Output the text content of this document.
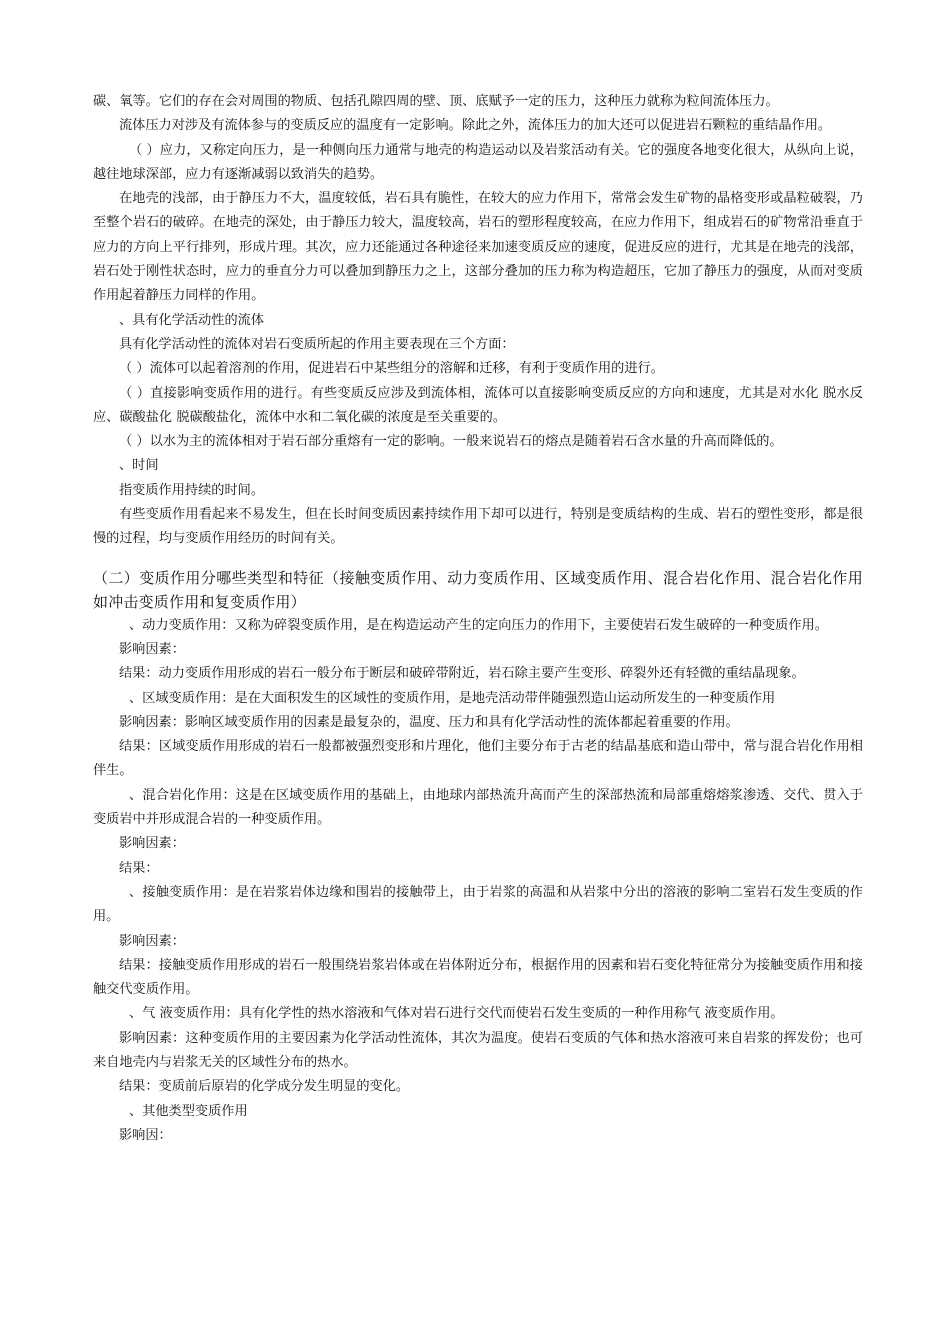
碳、氧等。它们的存在会对周围的物质、包括孔隙四周的壁、顶、底赋予一定的压力，这种压力就称为粒间流体压力。

流体压力对涉及有流体参与的变质反应的温度有一定影响。除此之外，流体压力的加大还可以促进岩石颗粒的重结晶作用。

（ ）应力，又称定向压力，是一种侧向压力通常与地壳的构造运动以及岩浆活动有关。它的强度各地变化很大，从纵向上说，越往地球深部，应力有逐渐减弱以致消失的趋势。

在地壳的浅部，由于静压力不大，温度较低，岩石具有脆性，在较大的应力作用下，常常会发生矿物的晶格变形或晶粒破裂，乃至整个岩石的破碎。在地壳的深处，由于静压力较大，温度较高，岩石的塑形程度较高，在应力作用下，组成岩石的矿物常沿垂直于应力的方向上平行排列，形成片理。其次，应力还能通过各种途径来加速变质反应的速度，促进反应的进行，尤其是在地壳的浅部，岩石处于刚性状态时，应力的垂直分力可以叠加到静压力之上，这部分叠加的压力称为构造超压，它加了静压力的强度，从而对变质作用起着静压力同样的作用。

、具有化学活动性的流体

具有化学活动性的流体对岩石变质所起的作用主要表现在三个方面：

（ ）流体可以起着溶剂的作用，促进岩石中某些组分的溶解和迁移，有利于变质作用的进行。

（ ）直接影响变质作用的进行。有些变质反应涉及到流体相，流体可以直接影响变质反应的方向和速度，尤其是对水化 脱水反应、碳酸盐化 脱碳酸盐化，流体中水和二氧化碳的浓度是至关重要的。

（ ）以水为主的流体相对于岩石部分重熔有一定的影响。一般来说岩石的熔点是随着岩石含水量的升高而降低的。

、时间

指变质作用持续的时间。

有些变质作用看起来不易发生，但在长时间变质因素持续作用下却可以进行，特别是变质结构的生成、岩石的塑性变形，都是很慢的过程，均与变质作用经历的时间有关。

（二）变质作用分哪些类型和特征（接触变质作用、动力变质作用、区域变质作用、混合岩化作用、混合岩化作用如冲击变质作用和复变质作用）

、动力变质作用：又称为碎裂变质作用，是在构造运动产生的定向压力的作用下，主要使岩石发生破碎的一种变质作用。

影响因素：

结果：动力变质作用形成的岩石一般分布于断层和破碎带附近，岩石除主要产生变形、碎裂外还有轻微的重结晶现象。

、区域变质作用：是在大面积发生的区域性的变质作用，是地壳活动带伴随强烈造山运动所发生的一种变质作用

影响因素：影响区域变质作用的因素是最复杂的，温度、压力和具有化学活动性的流体都起着重要的作用。

结果：区域变质作用形成的岩石一般都被强烈变形和片理化，他们主要分布于古老的结晶基底和造山带中，常与混合岩化作用相伴生。

、混合岩化作用：这是在区域变质作用的基础上，由地球内部热流升高而产生的深部热流和局部重熔熔浆渗透、交代、贯入于变质岩中并形成混合岩的一种变质作用。

影响因素：

结果：

、接触变质作用：是在岩浆岩体边缘和围岩的接触带上，由于岩浆的高温和从岩浆中分出的溶液的影响二室岩石发生变质的作用。

影响因素：

结果：接触变质作用形成的岩石一般围绕岩浆岩体或在岩体附近分布，根据作用的因素和岩石变化特征常分为接触变质作用和接触交代变质作用。

、气 液变质作用：具有化学性的热水溶液和气体对岩石进行交代而使岩石发生变质的一种作用称气 液变质作用。

影响因素：这种变质作用的主要因素为化学活动性流体，其次为温度。使岩石变质的气体和热水溶液可来自岩浆的挥发份；也可来自地壳内与岩浆无关的区域性分布的热水。

结果：变质前后原岩的化学成分发生明显的变化。

、其他类型变质作用

影响因：
